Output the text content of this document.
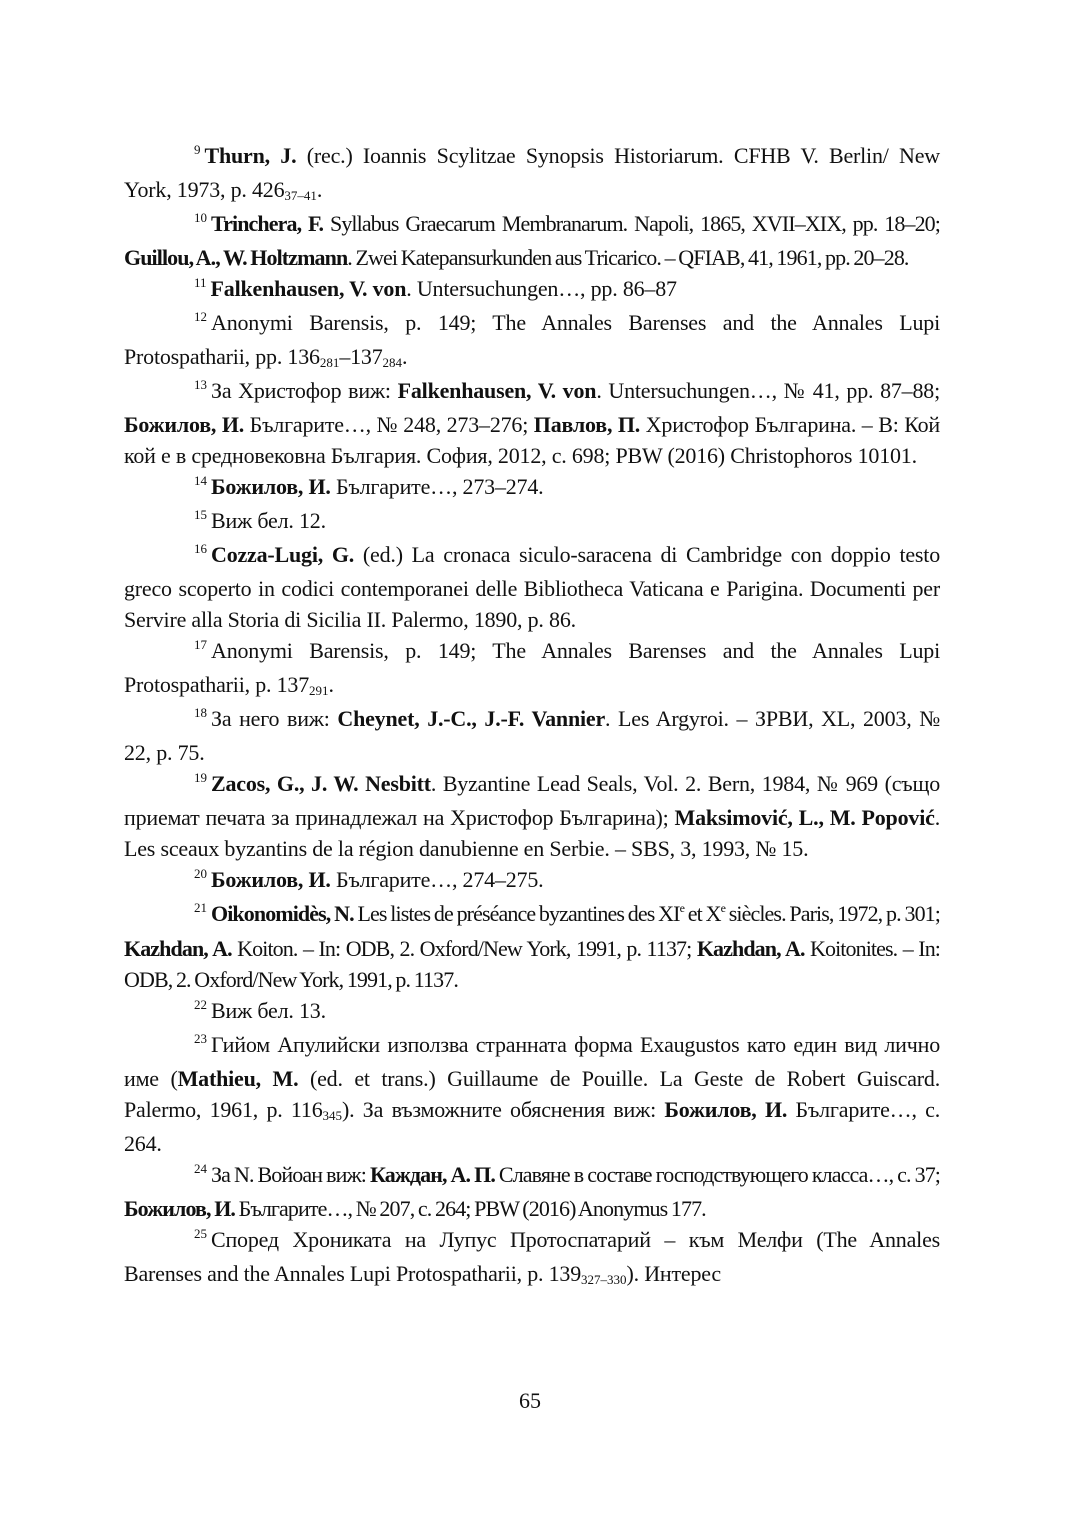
$^9$ Thurn, J. (rec.) Ioannis Scylitzae Synopsis Historiarum. CFHB V. Berlin/ New York, 1973, p. $426_{37-41}$.

$^{10}$ Trinchera, F. Syllabus Graecarum Membranarum. Napoli, 1865, XVII–XIX, pp. 18–20; Guillou, A., W. Holtzmann. Zwei Katepansurkunden aus Tricarico. – QFIAB, 41, 1961, pp. 20–28.

$^{11}$ Falkenhausen, V. von. Untersuchungen…, pp. 86–87

$^{12}$ Anonymi Barensis, p. 149; The Annales Barenses and the Annales Lupi Protospatharii, pp. $136_{281}-137_{284}$.

$^{13}$ За Христофор виж: Falkenhausen, V. von. Untersuchungen…, № 41, pp. 87–88; Божилов, И. Българите…, № 248, 273–276; Павлов, П. Христофор Българина. – В: Кой кой е в средновековна България. София, 2012, с. 698; PBW (2016) Christophoros 10101.

$^{14}$ Божилов, И. Българите…, 273–274.

$^{15}$ Виж бел. 12.

$^{16}$ Cozza-Lugi, G. (ed.) La cronaca siculo-saracena di Cambridge con doppio testo greco scoperto in codici contemporanei delle Bibliotheca Vaticana e Parigina. Documenti per Servire alla Storia di Sicilia II. Palermo, 1890, p. 86.

$^{17}$ Anonymi Barensis, p. 149; The Annales Barenses and the Annales Lupi Protospatharii, p. $137_{291}$.

$^{18}$ За него виж: Cheynet, J.-C., J.-F. Vannier. Les Argyroi. – ЗРВИ, XL, 2003, № 22, p. 75.

$^{19}$ Zacos, G., J. W. Nesbitt. Byzantine Lead Seals, Vol. 2. Bern, 1984, № 969 (също приемат печата за принадлежал на Христофор Българина); Maksimović, L., M. Popović. Les sceaux byzantins de la région danubienne en Serbie. – SBS, 3, 1993, № 15.

$^{20}$ Божилов, И. Българите…, 274–275.

$^{21}$ Oikonomidès, N. Les listes de préséance byzantines des XIe et Xe siècles. Paris, 1972, p. 301; Kazhdan, A. Koiton. – In: ODB, 2. Oxford/New York, 1991, p. 1137; Kazhdan, A. Koitonites. – In: ODB, 2. Oxford/New York, 1991, p. 1137.

$^{22}$ Виж бел. 13.

$^{23}$ Гийом Апулийски използва странната форма Exaugustos като един вид лично име (Mathieu, M. (ed. et trans.) Guillaume de Pouille. La Geste de Robert Guiscard. Palermo, 1961, p. $116_{345}$). За възможните обяснения виж: Божилов, И. Българите…, с. 264.

$^{24}$ За N. Войоан виж: Каждан, А. П. Славяне в составе господствующего класса…, с. 37; Божилов, И. Българите…, № 207, с. 264; PBW (2016) Anonymus 177.

$^{25}$ Според Хрониката на Лупус Протоспатарий – към Мелфи (The Annales Barenses and the Annales Lupi Protospatharii, p. $139_{327-330}$). Интерес

65
